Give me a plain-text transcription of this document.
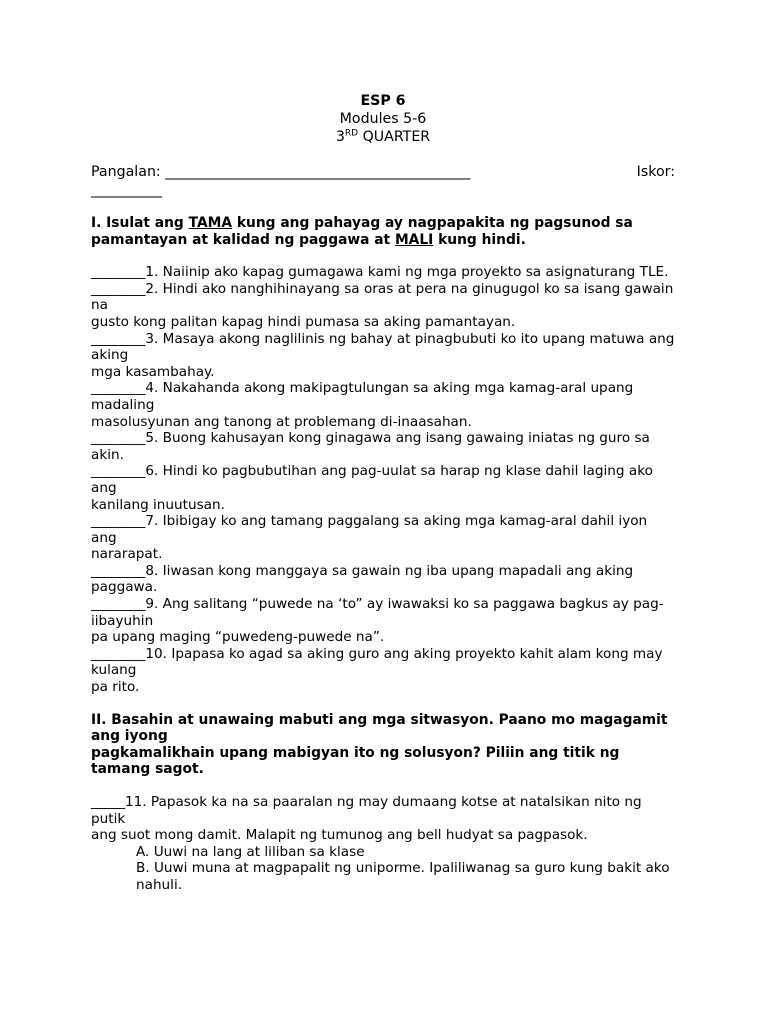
ESP 6
Modules 5-6
3RD QUARTER
Pangalan: ___________________________________________	Iskor:
__________
I. Isulat ang TAMA kung ang pahayag ay nagpapakita ng pagsunod sa pamantayan at kalidad ng paggawa at MALI kung hindi.

________1. Naiinip ako kapag gumagawa kami ng mga proyekto sa asignaturang TLE.

________2. Hindi ako nanghihinayang sa oras at pera na ginugugol ko sa isang gawain na

gusto kong palitan kapag hindi pumasa sa aking pamantayan.

________3. Masaya akong naglilinis ng bahay at pinagbubuti ko ito upang matuwa ang aking

mga kasambahay.

________4. Nakahanda akong makipagtulungan sa aking mga kamag-aral upang madaling

masolusyunan ang tanong at problemang di-inaasahan.

________5. Buong kahusayan kong ginagawa ang isang gawaing iniatas ng guro sa akin.

________6. Hindi ko pagbubutihan ang pag-uulat sa harap ng klase dahil laging ako ang

kanilang inuutusan.

________7. Ibibigay ko ang tamang paggalang sa aking mga kamag-aral dahil iyon ang

nararapat.

________8. Iiwasan kong manggaya sa gawain ng iba upang mapadali ang aking paggawa.

________9. Ang salitang “puwede na ‘to” ay iwawaksi ko sa paggawa bagkus ay pag-iibayuhin

pa upang maging “puwedeng-puwede na”.

________10. Ipapasa ko agad sa aking guro ang aking proyekto kahit alam kong may kulang

pa rito.

II. Basahin at unawaing mabuti ang mga sitwasyon. Paano mo magagamit ang iyong
pagkamalikhain upang mabigyan ito ng solusyon? Piliin ang titik ng tamang sagot.

_____11. Papasok ka na sa paaralan ng may dumaang kotse at natalsikan nito ng putik

ang suot mong damit. Malapit ng tumunog ang bell hudyat sa pagpasok.

A. Uuwi na lang at liliban sa klase

B. Uuwi muna at magpapalit ng uniporme. Ipaliliwanag sa guro kung bakit ako nahuli.
